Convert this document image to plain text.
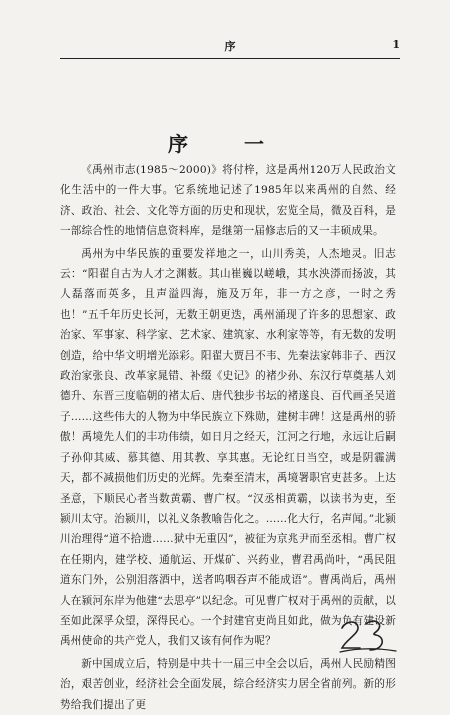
序	1
序　一

《禹州市志(1985～2000)》将付梓，这是禹州120万人民政治文化生活中的一件大事。它系统地记述了1985年以来禹州的自然、经济、政治、社会、文化等方面的历史和现状，宏览全局，微及百科，是一部综合性的地情信息资料库，是继第一届修志后的又一丰硕成果。

禹州为中华民族的重要发祥地之一，山川秀美，人杰地灵。旧志云：“阳翟自古为人才之渊薮。其山崔巍以嵯峨，其水泱漭而扬波，其人磊落而英多，且声溢四海，施及万年，非一方之彦，一时之秀也！”五千年历史长河，无数王朝更迭，禹州涌现了许多的思想家、政治家、军事家、科学家、艺术家、建筑家、水利家等等，有无数的发明创造，给中华文明增光添彩。阳翟大贾吕不韦、先秦法家韩非子、西汉政治家张良、改革家晁错、补缀《史记》的褚少孙、东汉行草奠基人刘德升、东晋三度临朝的褚太后、唐代独步书坛的褚遂良、百代画圣吴道子……这些伟大的人物为中华民族立下殊勋，建树丰碑！这是禹州的骄傲！禹境先人们的丰功伟绩，如日月之经天，江河之行地，永远让后嗣子孙仰其威、慕其德、用其教、享其惠。无论红日当空，或是阴霾满天，都不减损他们历史的光辉。先秦至清末，禹境署职官吏甚多。上达圣意，下顺民心者当数黄霸、曹广权。“汉丞相黄霸，以读书为吏，至颍川太守。治颍川，以礼义条教喻告化之。……化大行，名声闻。”北颍川治理得“道不拾遗……狱中无重囚”，被征为京兆尹而至丞相。曹广权在任期内，建学校、通航运、开煤矿、兴药业，曹君禹尚叶，“禹民阻道东门外，公别泪落酒中，送者呜咽吞声不能成语”。曹禹尚后，禹州人在颍河东岸为他建“去思亭”以纪念。可见曹广权对于禹州的贡献，以至如此深孚众望，深得民心。一个封建官吏尚且如此，做为负有建设新禹州使命的共产党人，我们又该有何作为呢？

新中国成立后，特别是中共十一届三中全会以后，禹州人民励精图治，艰苦创业，经济社会全面发展，综合经济实力居全省前列。新的形势给我们提出了更
